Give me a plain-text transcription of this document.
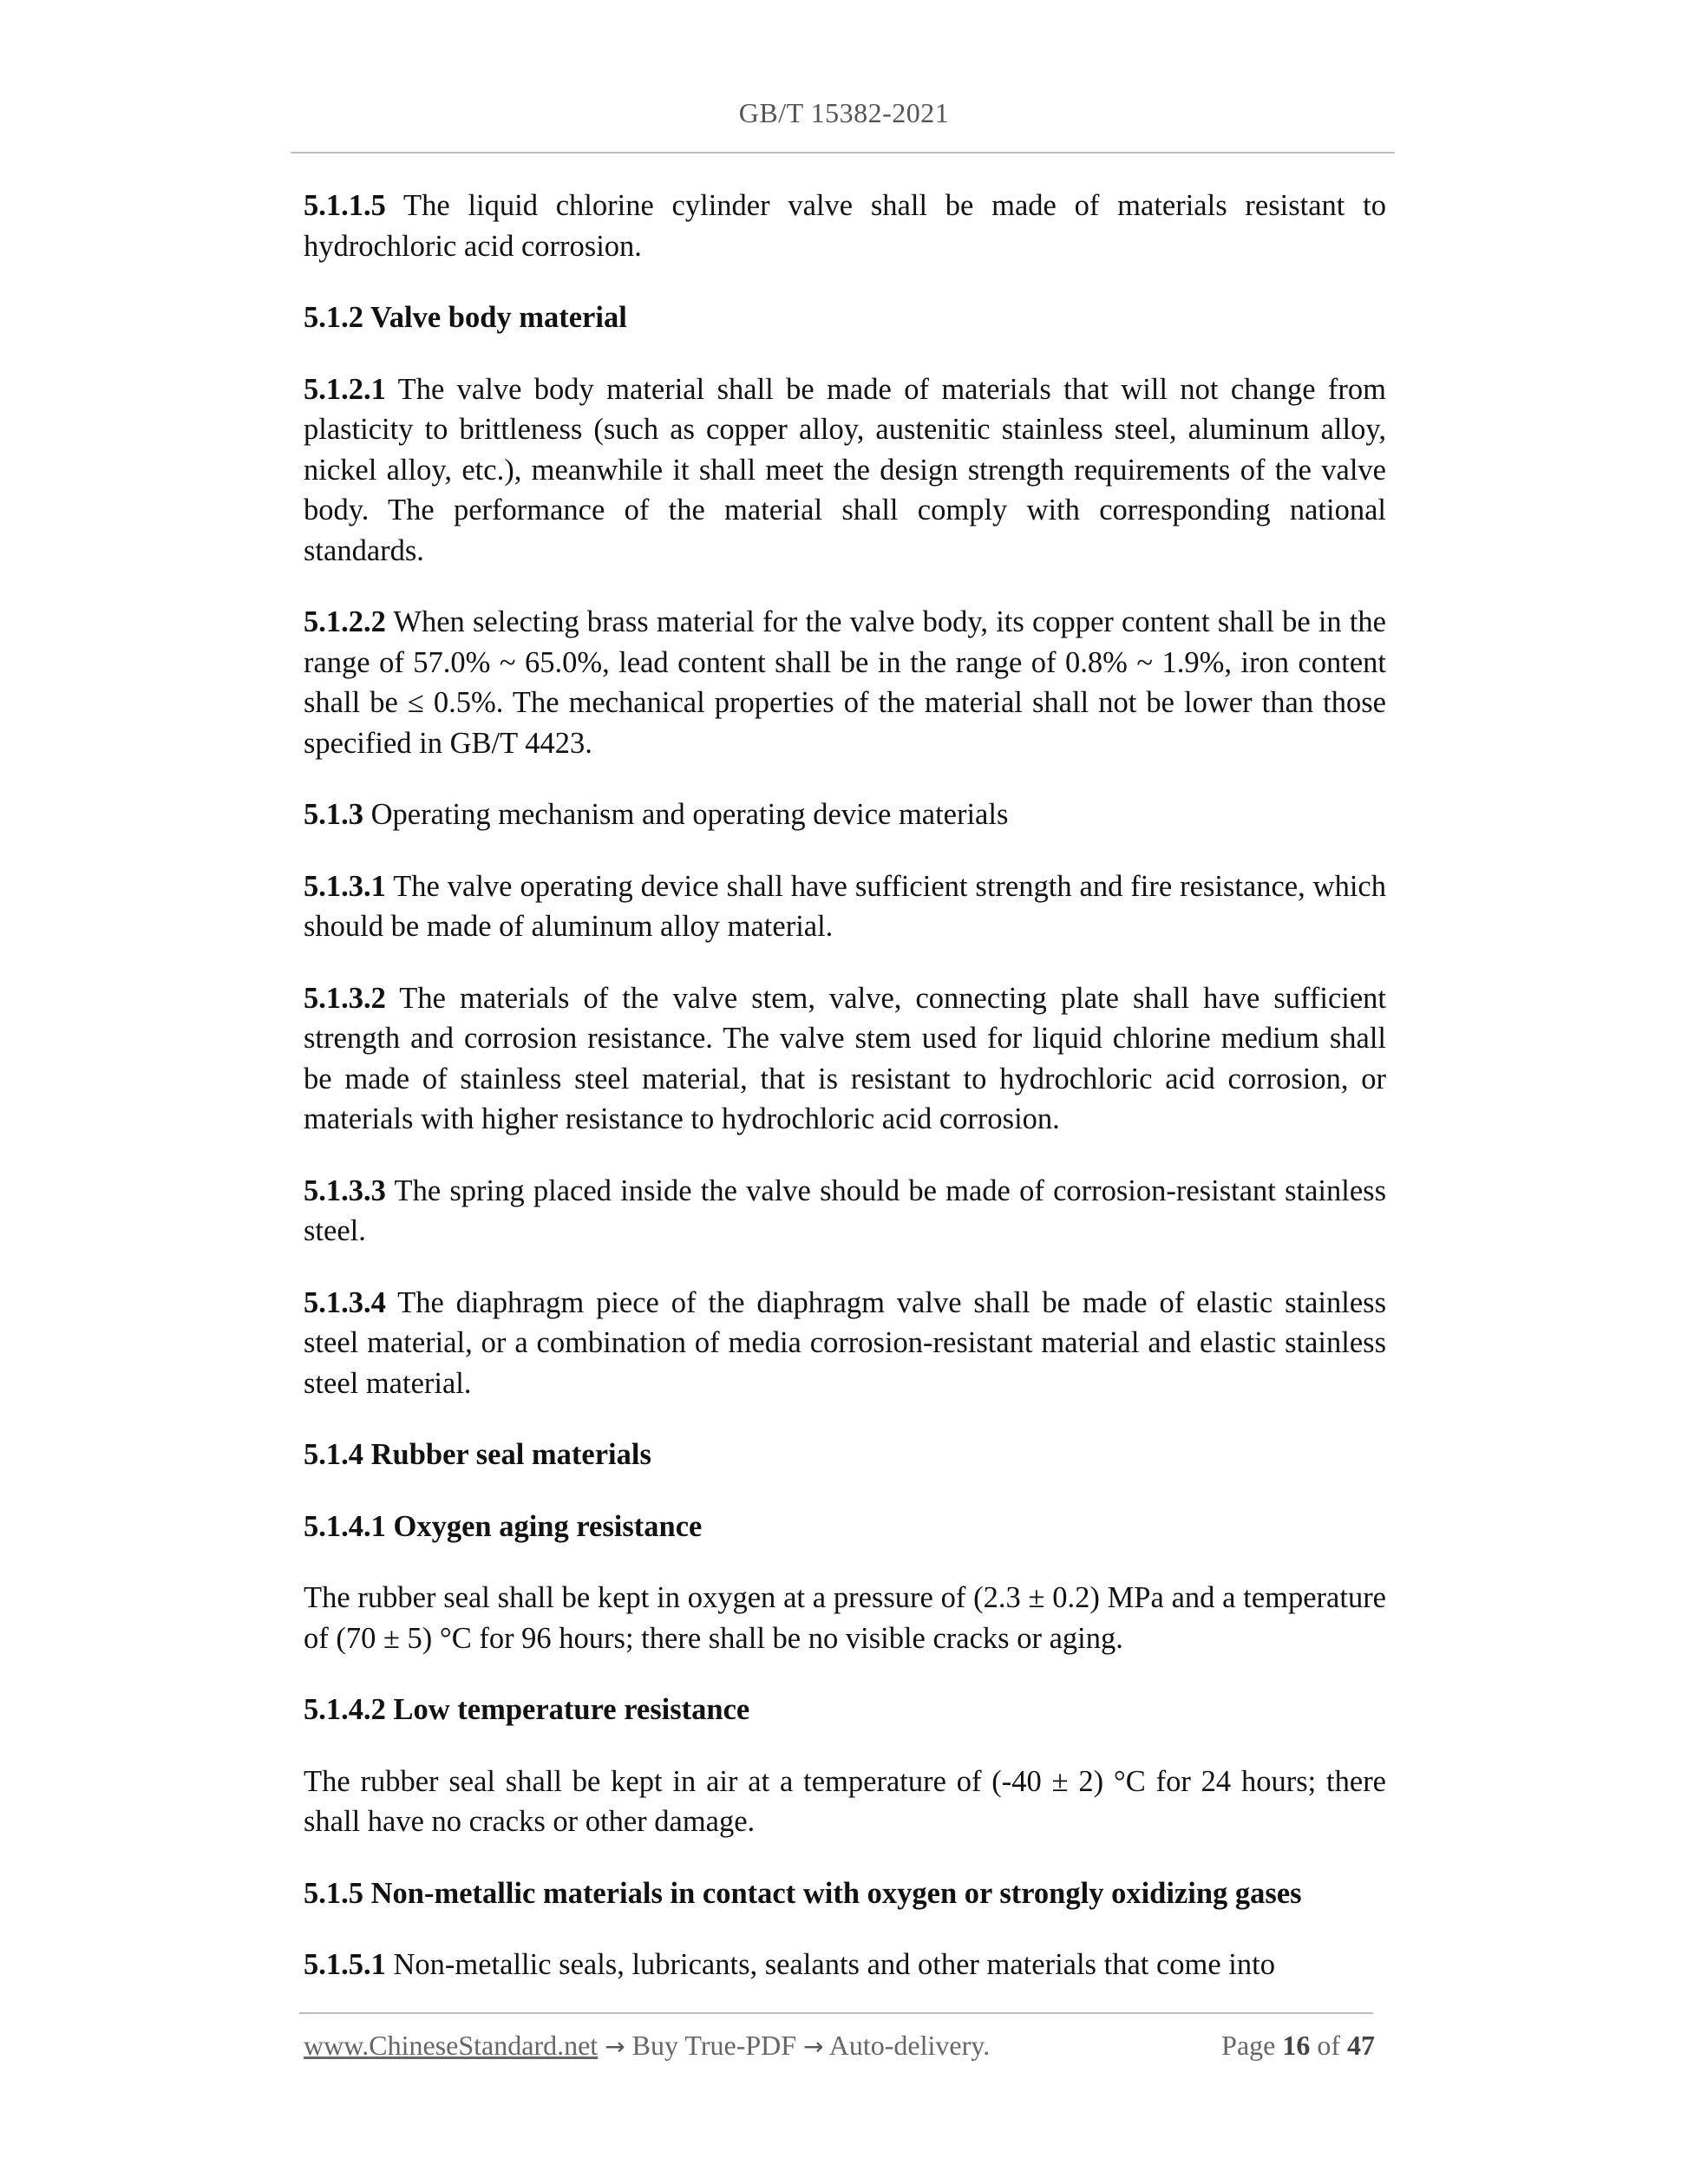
GB/T 15382-2021

5.1.1.5 The liquid chlorine cylinder valve shall be made of materials resistant to hydrochloric acid corrosion.

5.1.2 Valve body material

5.1.2.1 The valve body material shall be made of materials that will not change from plasticity to brittleness (such as copper alloy, austenitic stainless steel, aluminum alloy, nickel alloy, etc.), meanwhile it shall meet the design strength requirements of the valve body. The performance of the material shall comply with corresponding national standards.

5.1.2.2 When selecting brass material for the valve body, its copper content shall be in the range of 57.0% ~ 65.0%, lead content shall be in the range of 0.8% ~ 1.9%, iron content shall be ≤ 0.5%. The mechanical properties of the material shall not be lower than those specified in GB/T 4423.

5.1.3 Operating mechanism and operating device materials

5.1.3.1 The valve operating device shall have sufficient strength and fire resistance, which should be made of aluminum alloy material.

5.1.3.2 The materials of the valve stem, valve, connecting plate shall have sufficient strength and corrosion resistance. The valve stem used for liquid chlorine medium shall be made of stainless steel material, that is resistant to hydrochloric acid corrosion, or materials with higher resistance to hydrochloric acid corrosion.

5.1.3.3 The spring placed inside the valve should be made of corrosion-resistant stainless steel.

5.1.3.4 The diaphragm piece of the diaphragm valve shall be made of elastic stainless steel material, or a combination of media corrosion-resistant material and elastic stainless steel material.

5.1.4 Rubber seal materials

5.1.4.1 Oxygen aging resistance

The rubber seal shall be kept in oxygen at a pressure of (2.3 ± 0.2) MPa and a temperature of (70 ± 5) °C for 96 hours; there shall be no visible cracks or aging.

5.1.4.2 Low temperature resistance

The rubber seal shall be kept in air at a temperature of (-40 ± 2) °C for 24 hours; there shall have no cracks or other damage.

5.1.5 Non-metallic materials in contact with oxygen or strongly oxidizing gases

5.1.5.1 Non-metallic seals, lubricants, sealants and other materials that come into

www.ChineseStandard.net → Buy True-PDF → Auto-delivery.	Page 16 of 47
